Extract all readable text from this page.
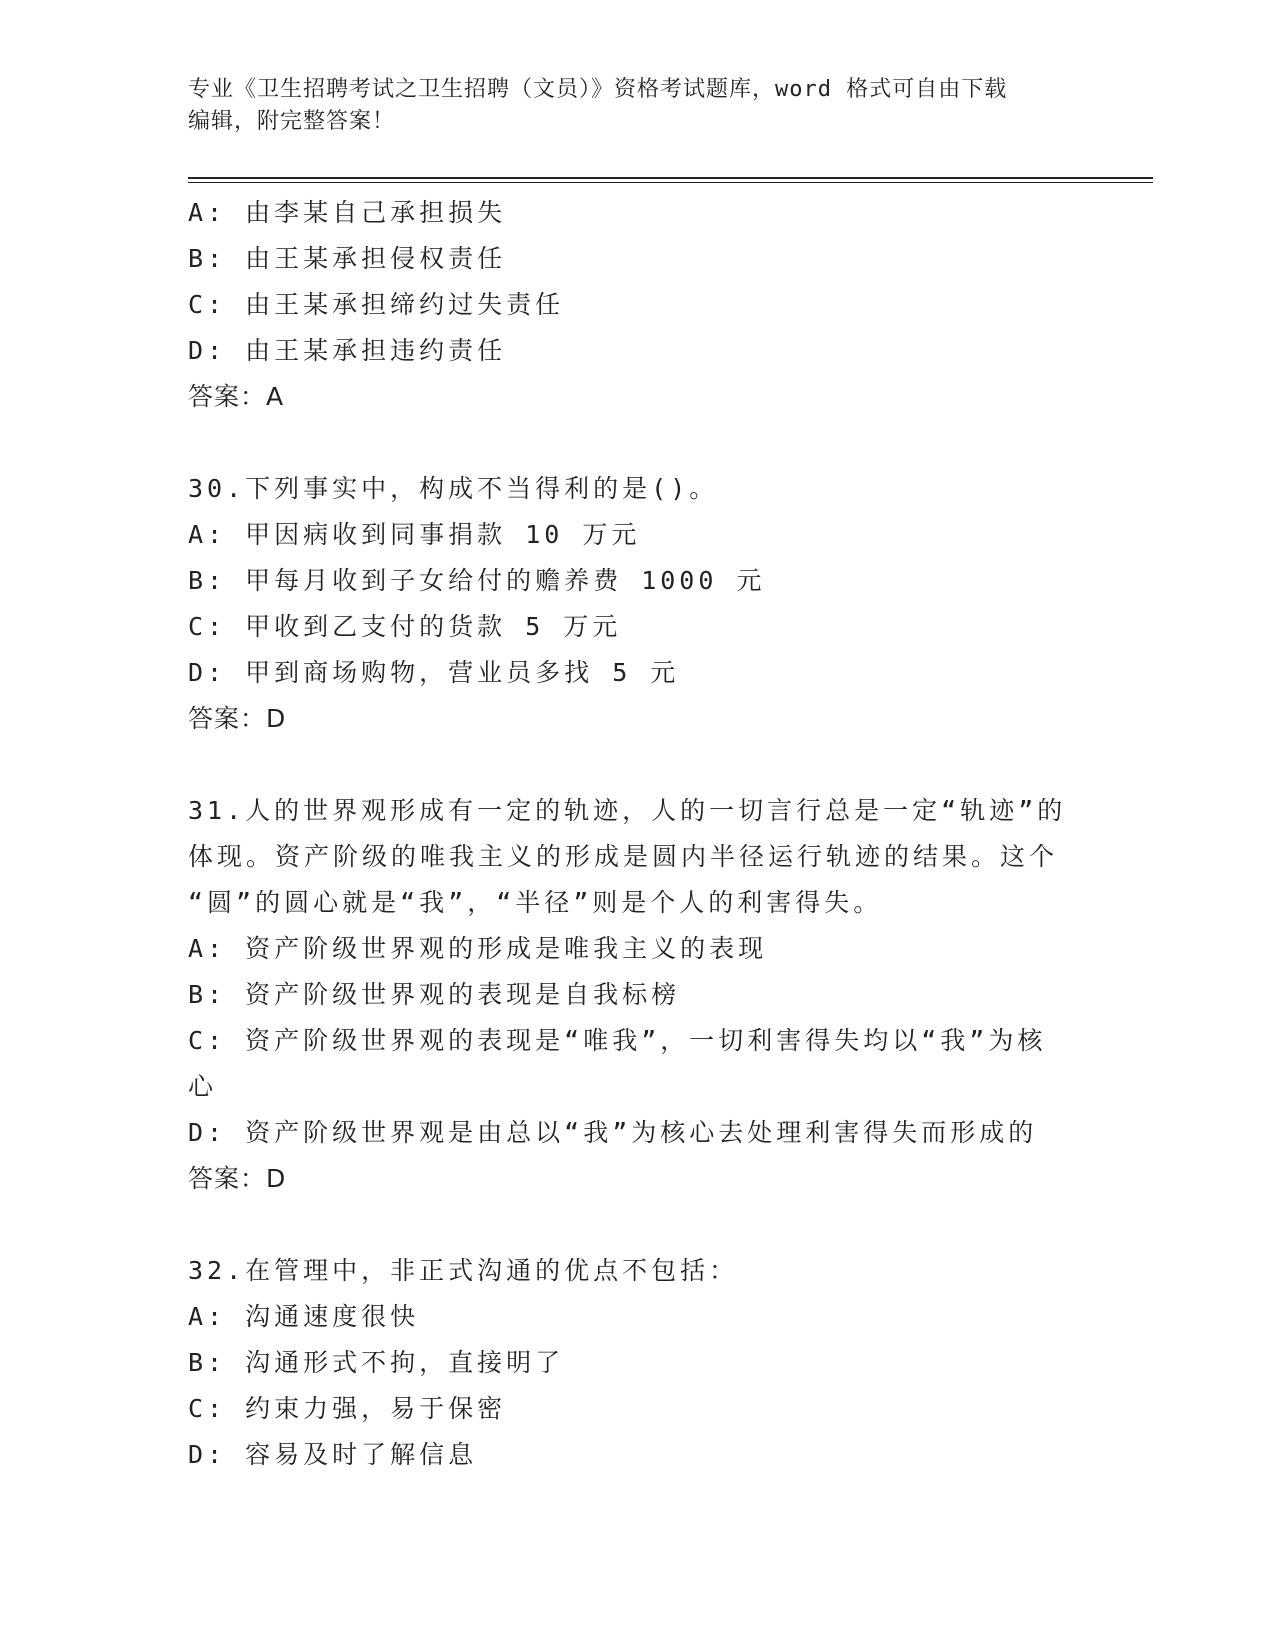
专业《卫生招聘考试之卫生招聘（文员）》资格考试题库，word 格式可自由下载
编辑，附完整答案！
A: 由李某自己承担损失
B: 由王某承担侵权责任
C: 由王某承担缔约过失责任
D: 由王某承担违约责任
答案：A
30.下列事实中，构成不当得利的是()。
A: 甲因病收到同事捐款 10 万元
B: 甲每月收到子女给付的赡养费 1000 元
C: 甲收到乙支付的货款 5 万元
D: 甲到商场购物，营业员多找 5 元
答案：D
31.人的世界观形成有一定的轨迹，人的一切言行总是一定“轨迹”的
体现。资产阶级的唯我主义的形成是圆内半径运行轨迹的结果。这个
“圆”的圆心就是“我”，“半径”则是个人的利害得失。
A: 资产阶级世界观的形成是唯我主义的表现
B: 资产阶级世界观的表现是自我标榜
C: 资产阶级世界观的表现是“唯我”，一切利害得失均以“我”为核
心
D: 资产阶级世界观是由总以“我”为核心去处理利害得失而形成的
答案：D
32.在管理中，非正式沟通的优点不包括：
A: 沟通速度很快
B: 沟通形式不拘，直接明了
C: 约束力强，易于保密
D: 容易及时了解信息
